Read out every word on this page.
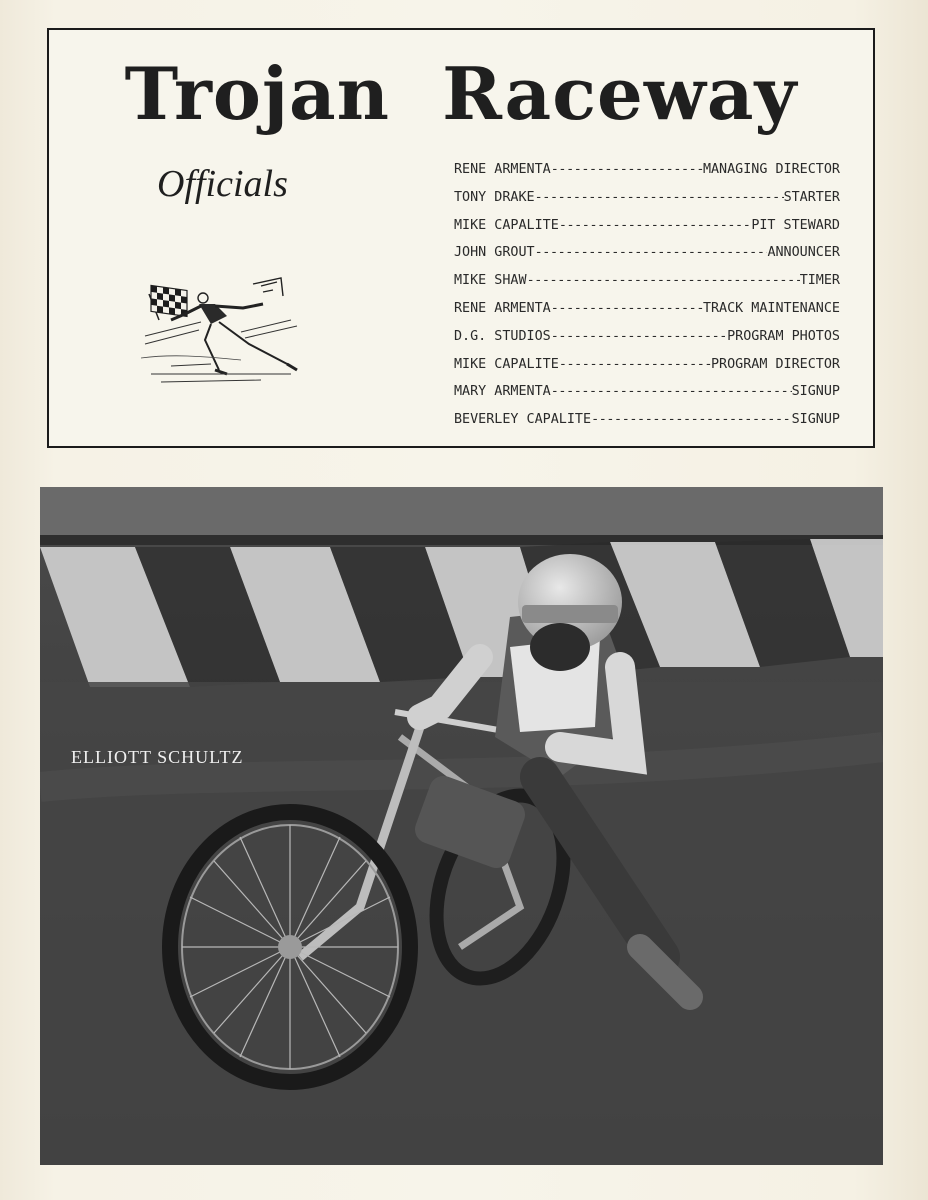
Trojan Raceway
Officials	RENE ARMENTA -----	MANAGING DIRECTOR
TONY DRAKE -----	STARTER
MIKE CAPALITE -----	PIT STEWARD
JOHN GROUT -----	ANNOUNCER
MIKE SHAW -----	TIMER
RENE ARMENTA -----	TRACK MAINTENANCE
D.G. STUDIOS -----	PROGRAM PHOTOS
MIKE CAPALITE -----	PROGRAM DIRECTOR
MARY ARMENTA -----	SIGNUP
BEVERLEY CAPALITE -----	SIGNUP
ELLIOTT SCHULTZ
